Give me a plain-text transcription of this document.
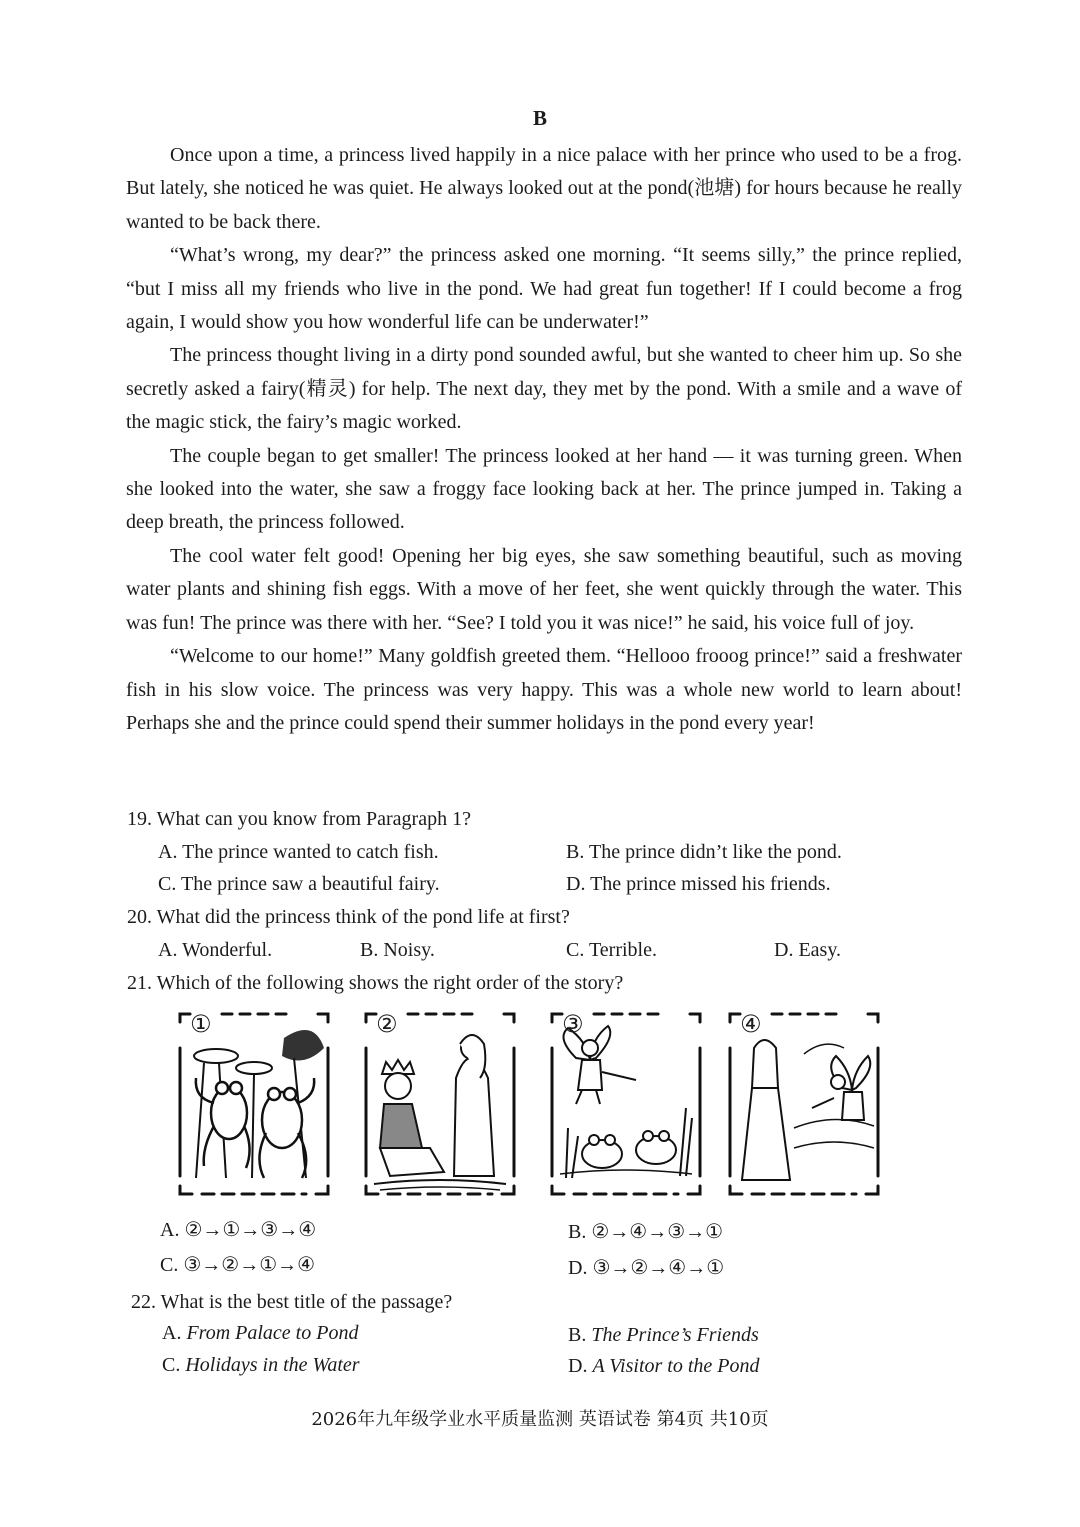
B

Once upon a time, a princess lived happily in a nice palace with her prince who used to be a frog. But lately, she noticed he was quiet. He always looked out at the pond(池塘) for hours because he really wanted to be back there.

“What’s wrong, my dear?” the princess asked one morning. “It seems silly,” the prince replied, “but I miss all my friends who live in the pond. We had great fun together! If I could become a frog again, I would show you how wonderful life can be underwater!”

The princess thought living in a dirty pond sounded awful, but she wanted to cheer him up. So she secretly asked a fairy(精灵) for help. The next day, they met by the pond. With a smile and a wave of the magic stick, the fairy’s magic worked.

The couple began to get smaller! The princess looked at her hand — it was turning green. When she looked into the water, she saw a froggy face looking back at her. The prince jumped in. Taking a deep breath, the princess followed.

The cool water felt good! Opening her big eyes, she saw something beautiful, such as moving water plants and shining fish eggs. With a move of her feet, she went quickly through the water. This was fun! The prince was there with her. “See? I told you it was nice!” he said, his voice full of joy.

“Welcome to our home!” Many goldfish greeted them. “Hellooo frooog prince!” said a freshwater fish in his slow voice. The princess was very happy. This was a whole new world to learn about! Perhaps she and the prince could spend their summer holidays in the pond every year!

19. What can you know from Paragraph 1?
A. The prince wanted to catch fish.	B. The prince didn’t like the pond.
C. The prince saw a beautiful fairy.	D. The prince missed his friends.
20. What did the princess think of the pond life at first?
A. Wonderful.	B. Noisy.	C. Terrible.	D. Easy.
21. Which of the following shows the right order of the story?
①	②	③	④
A. ②→①→③→④	B. ②→④→③→①
C. ③→②→①→④	D. ③→②→④→①
22. What is the best title of the passage?
A. From Palace to Pond	B. The Prince’s Friends
C. Holidays in the Water	D. A Visitor to the Pond
2026年九年级学业水平质量监测 英语试卷 第4页 共10页
